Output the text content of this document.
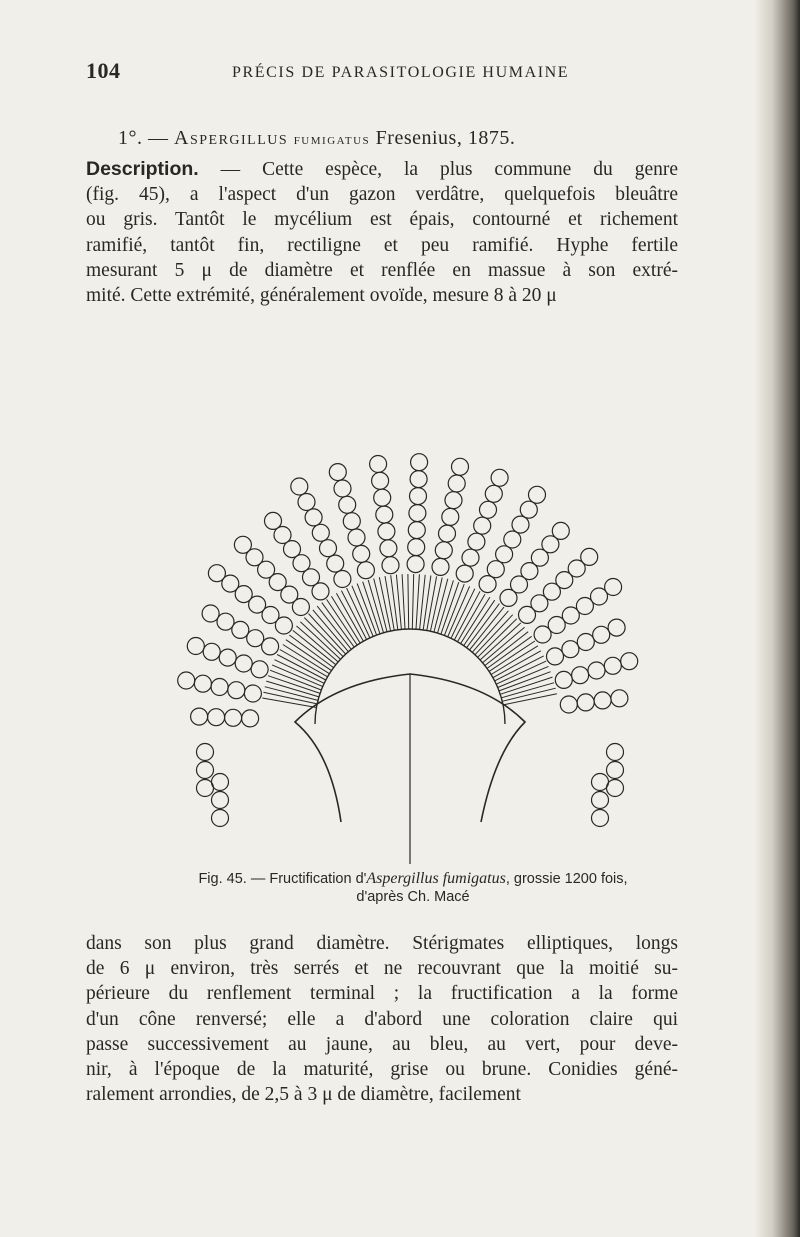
104	PRÉCIS DE PARASITOLOGIE HUMAINE
1°. — Aspergillus fumigatus Fresenius, 1875.
Description. — Cette espèce, la plus commune du genre
(fig. 45), a l'aspect d'un gazon verdâtre, quelquefois bleuâtre
ou gris. Tantôt le mycélium est épais, contourné et richement
ramifié, tantôt fin, rectiligne et peu ramifié. Hyphe fertile
mesurant 5 μ de diamètre et renflée en massue à son extré-
mité. Cette extrémité, généralement ovoïde, mesure 8 à 20 μ
Fig. 45. — Fructification d'Aspergillus fumigatus, grossie 1200 fois,
d'après Ch. Macé
dans son plus grand diamètre. Stérigmates elliptiques, longs
de 6 μ environ, très serrés et ne recouvrant que la moitié su-
périeure du renflement terminal ; la fructification a la forme
d'un cône renversé; elle a d'abord une coloration claire qui
passe successivement au jaune, au bleu, au vert, pour deve-
nir, à l'époque de la maturité, grise ou brune. Conidies géné-
ralement arrondies, de 2,5 à 3 μ de diamètre, facilement
